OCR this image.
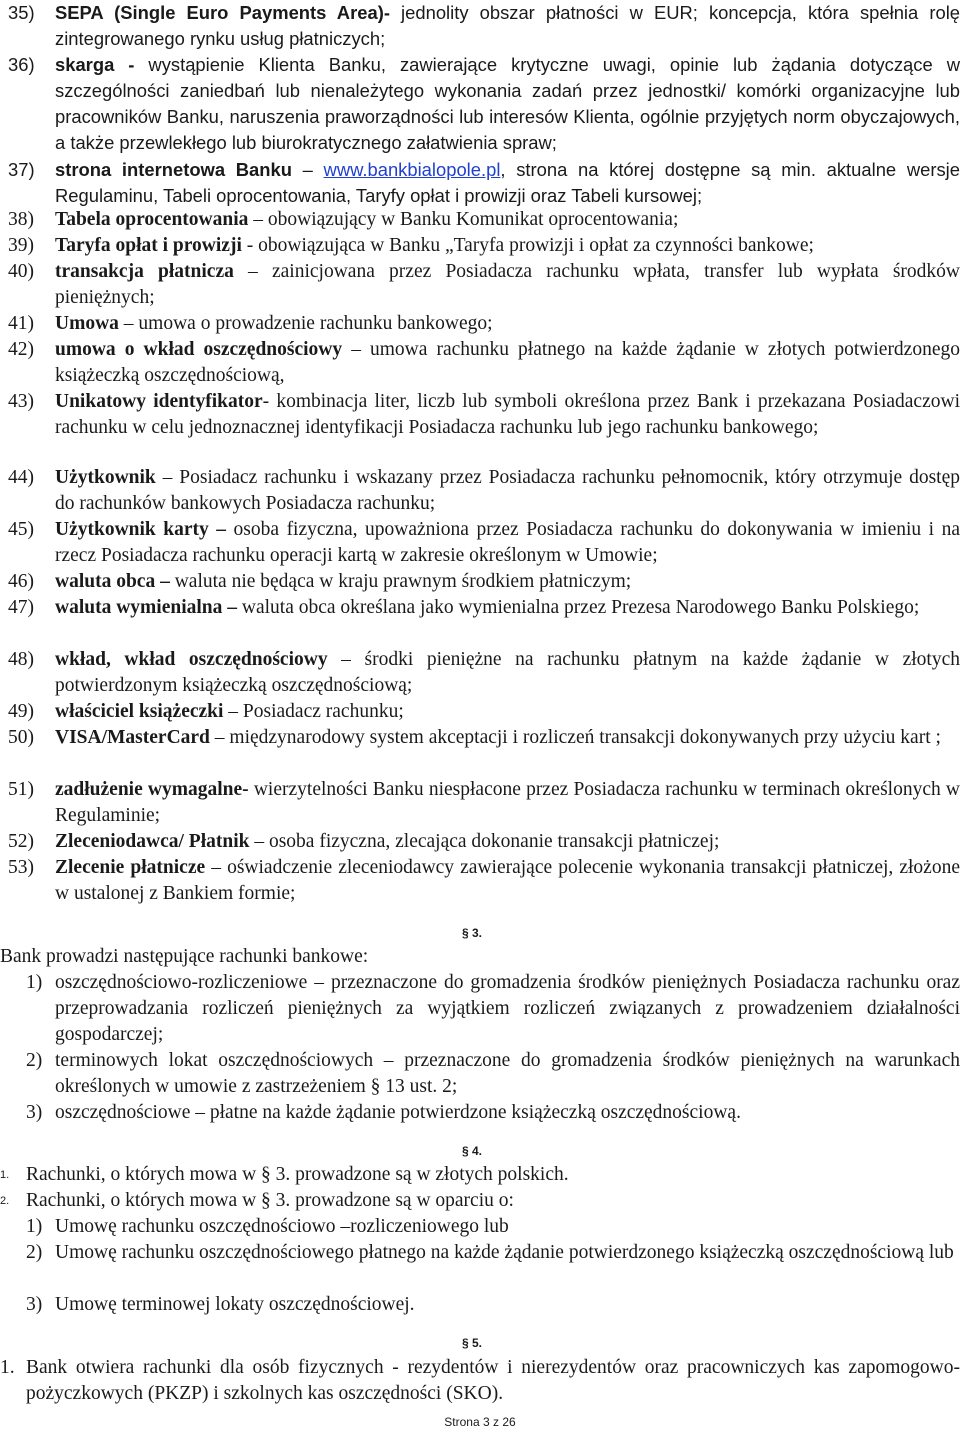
35) SEPA (Single Euro Payments Area)- jednolity obszar płatności w EUR; koncepcja, która spełnia rolę zintegrowanego rynku usług płatniczych;
36) skarga - wystąpienie Klienta Banku, zawierające krytyczne uwagi, opinie lub żądania dotyczące w szczególności zaniedbań lub nienależytego wykonania zadań przez jednostki/ komórki organizacyjne lub pracowników Banku, naruszenia praworządności lub interesów Klienta, ogólnie przyjętych norm obyczajowych, a także przewlekłego lub biurokratycznego załatwienia spraw;
37) strona internetowa Banku – www.bankbialopole.pl, strona na której dostępne są min. aktualne wersje Regulaminu, Tabeli oprocentowania, Taryfy opłat i prowizji oraz Tabeli kursowej;
38) Tabela oprocentowania – obowiązujący w Banku Komunikat oprocentowania;
39) Taryfa opłat i prowizji - obowiązująca w Banku „Taryfa prowizji i opłat za czynności bankowe;
40) transakcja płatnicza – zainicjowana przez Posiadacza rachunku wpłata, transfer lub wypłata środków pieniężnych;
41) Umowa – umowa o prowadzenie rachunku bankowego;
42) umowa o wkład oszczędnościowy – umowa rachunku płatnego na każde żądanie w złotych potwierdzonego książeczką oszczędnościową,
43) Unikatowy identyfikator- kombinacja liter, liczb lub symboli określona przez Bank i przekazana Posiadaczowi rachunku w celu jednoznacznej identyfikacji Posiadacza rachunku lub jego rachunku bankowego;
44) Użytkownik – Posiadacz rachunku i wskazany przez Posiadacza rachunku pełnomocnik, który otrzymuje dostęp do rachunków bankowych Posiadacza rachunku;
45) Użytkownik karty – osoba fizyczna, upoważniona przez Posiadacza rachunku do dokonywania w imieniu i na rzecz Posiadacza rachunku operacji kartą w zakresie określonym w Umowie;
46) waluta obca – waluta nie będąca w kraju prawnym środkiem płatniczym;
47) waluta wymienialna – waluta obca określana jako wymienialna przez Prezesa Narodowego Banku Polskiego;
48) wkład, wkład oszczędnościowy – środki pieniężne na rachunku płatnym na każde żądanie w złotych potwierdzonym książeczką oszczędnościową;
49) właściciel książeczki – Posiadacz rachunku;
50) VISA/MasterCard – międzynarodowy system akceptacji i rozliczeń transakcji dokonywanych przy użyciu kart ;
51) zadłużenie wymagalne- wierzytelności Banku niespłacone przez Posiadacza rachunku w terminach określonych w Regulaminie;
52) Zleceniodawca/ Płatnik – osoba fizyczna, zlecająca dokonanie transakcji płatniczej;
53) Zlecenie płatnicze – oświadczenie zleceniodawcy zawierające polecenie wykonania transakcji płatniczej, złożone w ustalonej z Bankiem formie;
§ 3.
Bank prowadzi następujące rachunki bankowe:
1) oszczędnościowo-rozliczeniowe – przeznaczone do gromadzenia środków pieniężnych Posiadacza rachunku oraz przeprowadzania rozliczeń pieniężnych za wyjątkiem rozliczeń związanych z prowadzeniem działalności gospodarczej;
2) terminowych lokat oszczędnościowych – przeznaczone do gromadzenia środków pieniężnych na warunkach określonych w umowie z zastrzeżeniem § 13 ust. 2;
3) oszczędnościowe – płatne na każde żądanie potwierdzone książeczką oszczędnościową.
§ 4.
1. Rachunki, o których mowa w § 3. prowadzone są w złotych polskich.
2. Rachunki, o których mowa w § 3. prowadzone są w oparciu o:
1) Umowę rachunku oszczędnościowo –rozliczeniowego lub
2) Umowę rachunku oszczędnościowego płatnego na każde żądanie potwierdzonego książeczką oszczędnościową lub
3) Umowę terminowej lokaty oszczędnościowej.
§ 5.
1. Bank otwiera rachunki dla osób fizycznych - rezydentów i nierezydentów oraz pracowniczych kas zapomogowo-pożyczkowych (PKZP) i szkolnych kas oszczędności (SKO).
Strona 3 z 26
